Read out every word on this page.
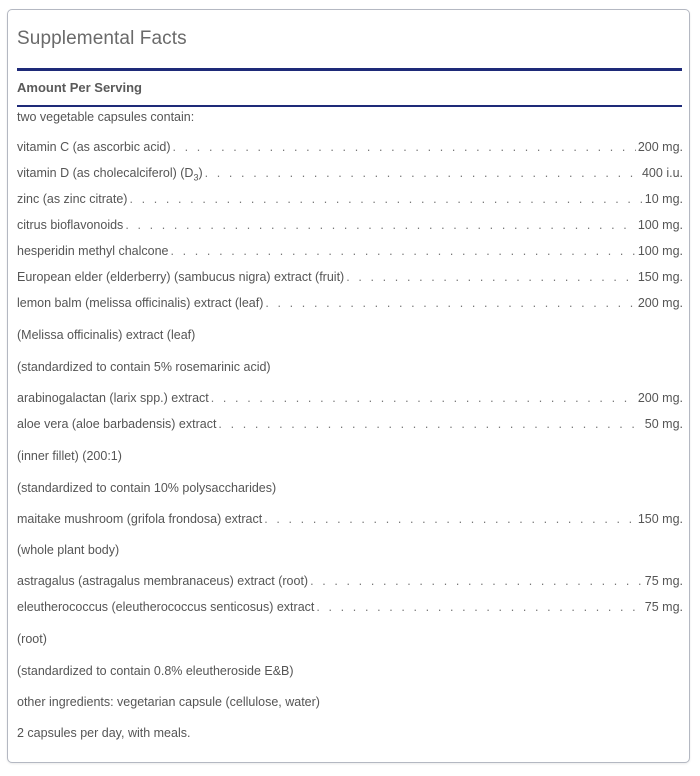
Supplemental Facts
Amount Per Serving
two vegetable capsules contain:
vitamin C (as ascorbic acid) . . .	200 mg.
vitamin D (as cholecalciferol) $(D_3)$ . . .	400 i.u.
zinc (as zinc citrate) . . .	10 mg.
citrus bioflavonoids . . .	100 mg.
hesperidin methyl chalcone . . .	100 mg.
European elder (elderberry) (sambucus nigra) extract (fruit) . . .	150 mg.
lemon balm (melissa officinalis) extract (leaf) . . .	200 mg.
(Melissa officinalis) extract (leaf)
(standardized to contain 5% rosemarinic acid)
arabinogalactan (larix spp.) extract . . .	200 mg.
aloe vera (aloe barbadensis) extract . . .	50 mg.
(inner fillet) (200:1)
(standardized to contain 10% polysaccharides)
maitake mushroom (grifola frondosa) extract . . .	150 mg.
(whole plant body)
astragalus (astragalus membranaceus) extract (root) . . .	75 mg.
eleutherococcus (eleutherococcus senticosus) extract . . .	75 mg.
(root)
(standardized to contain 0.8% eleutheroside E&B)
other ingredients: vegetarian capsule (cellulose, water)
2 capsules per day, with meals.
